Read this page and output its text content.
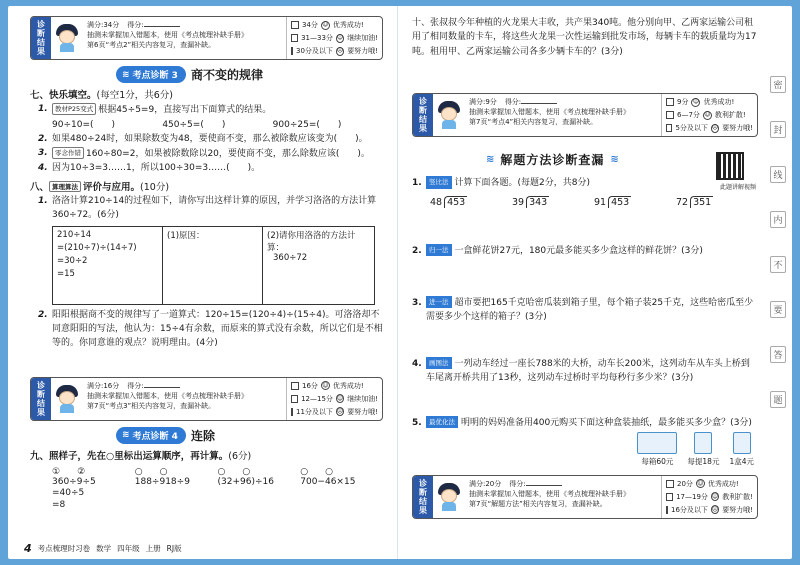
诊断结果	满分:34分 得分:
抽测未掌握加入错题本，使用《考点梳理补缺手册》
第6页“考点2”相关内容复习，查漏补缺。
34分 ☺ 优秀成功!
31—33分 ☺ 继续加油!
30分及以下 ☹ 要努力哦!
≋ 考点诊断 3 商不变的规律
七、快乐填空。(每空1分，共6分)
1.	教材P25变式 根据45÷5=9，直接写出下面算式的结果。
90÷10=(　　)	450÷5=(　　)	900÷25=(　　)
2. 如果480÷24时，如果除数变为48，要使商不变，那么被除数应该变为(　　)。
3.	零念作错 160÷80=2，如果被除数除以20，要使商不变，那么除数应该(　　)。
4. 因为10÷3=3……1，所以100÷30=3……(　　)。
八、 算理算法 评价与应用。(10分)
1. 洛洛计算210÷14的过程如下，请你写出这样计算的原因，并学习洛洛的方法计算360÷72。(6分)
210÷14
=(210÷7)÷(14÷7)
=30÷2
=15
	(1)原因：	(2)请你用洛洛的方法计算：
360÷72
2. 阳阳根据商不变的规律写了一道算式：120÷15=(120÷4)÷(15÷4)。可洛洛却不同意阳阳的写法，他认为：15÷4有余数，而原来的算式没有余数，所以它们是不相等的。你同意谁的观点？说明理由。(4分)
诊断结果	满分:16分 得分:
抽测未掌握加入错题本，使用《考点梳理补缺手册》
第7页“考点3”相关内容复习，查漏补缺。
16分 ☺ 优秀成功!
12—15分 ☺ 继续加油!
11分及以下 ☹ 要努力哦!
≋ 考点诊断 4 连除
九、照样子，先在○里标出运算顺序，再计算。(6分)
①　②	○　○	○　○	○　○
360÷9÷5	188÷918÷9	(32+96)÷16	700−46×15
=40÷5
=8
4 考点梳理时习卷 数学 四年级 上册 RJ版
十、张叔叔今年种植的火龙果大丰收，共产果340吨。他分别向甲、乙两家运输公司租用了相同数量的卡车，将这些火龙果一次性运输到批发市场，每辆卡车的载质量均为17吨。租用甲、乙两家运输公司各多少辆卡车的？(3分)
诊断结果	满分:9分 得分:
抽测未掌握加入错题本，使用《考点梳理补缺手册》
第7页“考点4”相关内容复习，查漏补缺。
9分 ☺ 优秀成功!
6—7分 ☺ 教利扩散!
5分及以下 ☹ 要努力哦!
≋ 解题方法诊断查漏 ≋
此题讲解视频
1.	竖比法 计算下面各题。(每题2分，共8分)
48 453	39 343	91 453	72 351
2.	归一法 一盒鲜花饼27元，180元最多能买多少盒这样的鲜花饼？(3分)
3.	进一法 超市要把165千克哈密瓜装到箱子里，每个箱子装25千克，这些哈密瓜至少需要多少个这样的箱子？(3分)
4.	画图法 一列动车经过一座长788米的大桥，动车长200米，这列动车从车头上桥到车尾离开桥共用了13秒，这列动车过桥时平均每秒行多少米？(3分)
5.	最优化法 明明的妈妈准备用400元购买下面这种盒装抽纸，最多能买多少盒？(3分)
每箱60元 每提18元 1盒4元
诊断结果	满分:20分 得分:
抽测未掌握加入错题本，使用《考点梳理补缺手册》
第7页“解题方法”相关内容复习，查漏补缺。
20分 ☺ 优秀成功!
17—19分 ☺ 教利扩散!
16分及以下 ☹ 要努力哦!
密
封
线
内
不
要
答
题
